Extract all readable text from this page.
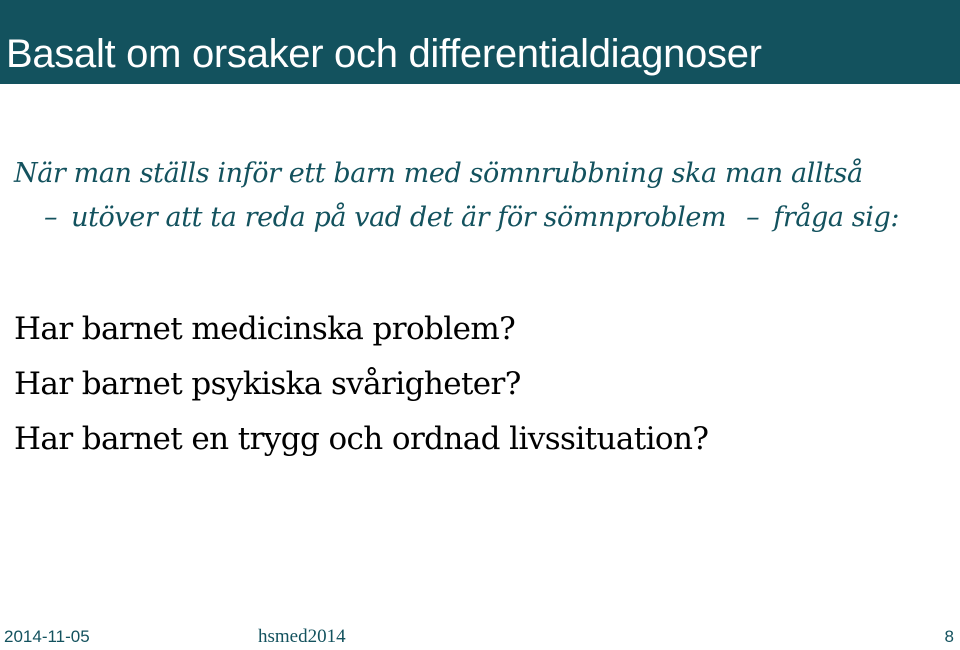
Basalt om orsaker och differentialdiagnoser
När man ställs inför ett barn med sömnrubbning ska man alltså
– utöver att ta reda på vad det är för sömnproblem – fråga sig:
Har barnet medicinska problem?
Har barnet psykiska svårigheter?
Har barnet en trygg och ordnad livssituation?
2014-11-05	hsmed2014	8
